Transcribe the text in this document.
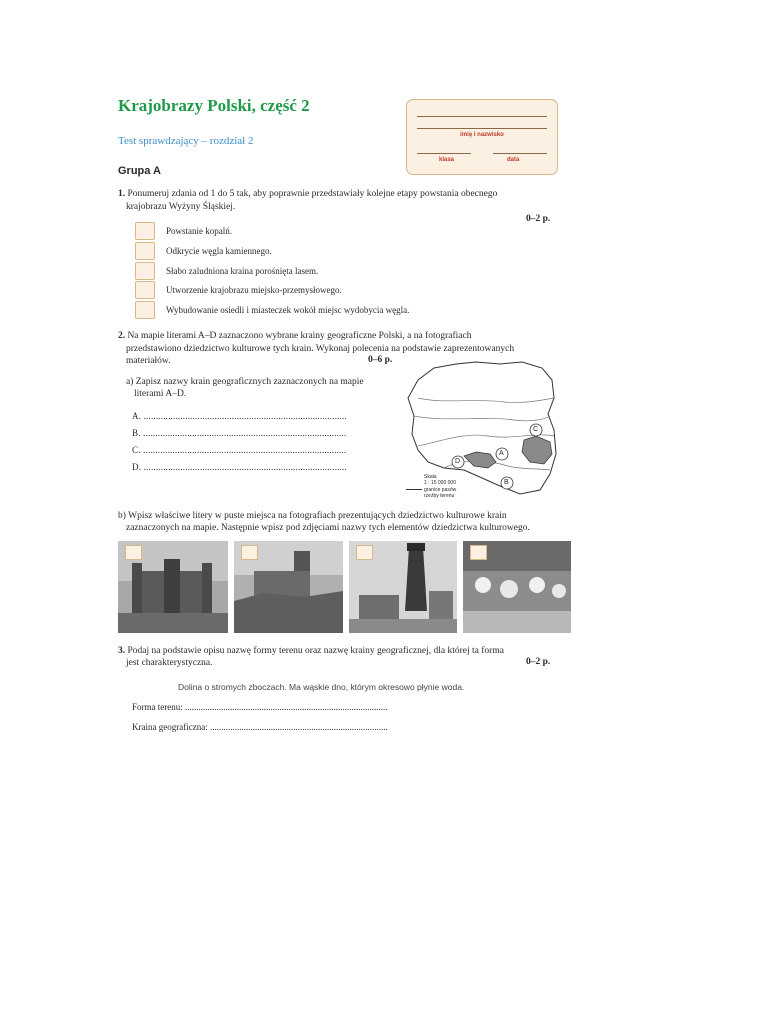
Krajobrazy Polski, część 2
Test sprawdzający – rozdział 2
Grupa A
imię i nazwisko
klasa	data
1. Ponumeruj zdania od 1 do 5 tak, aby poprawnie przedstawiały kolejne etapy powstania obecnego
krajobrazu Wyżyny Śląskiej.
0–2 p.
Powstanie kopalń.
Odkrycie węgla kamiennego.
Słabo zaludniona kraina porośnięta lasem.
Utworzenie krajobrazu miejsko-przemysłowego.
Wybudowanie osiedli i miasteczek wokół miejsc wydobycia węgla.
2. Na mapie literami A–D zaznaczono wybrane krainy geograficzne Polski, a na fotografiach
przedstawiono dziedzictwo kulturowe tych krain. Wykonaj polecenia na podstawie zaprezentowanych
materiałów.	0–6 p.
a) Zapisz nazwy krain geograficznych zaznaczonych na mapie
literami A–D.
A. ...................................................................................
B. ...................................................................................
C. ...................................................................................
D. ...................................................................................
A
B
C
D
Skala
1 : 15 000 000
granice pasów
rzeźby terenu
b) Wpisz właściwe litery w puste miejsca na fotografiach prezentujących dziedzictwo kulturowe krain
zaznaczonych na mapie. Następnie wpisz pod zdjęciami nazwy tych elementów dziedzictwa kulturowego.
3. Podaj na podstawie opisu nazwę formy terenu oraz nazwę krainy geograficznej, dla której ta forma
jest charakterystyczna.	0–2 p.
Dolina o stromych zboczach. Ma wąskie dno, którym okresowo płynie woda.
Forma terenu: ..........................................................................................
Kraina geograficzna: ...............................................................................
